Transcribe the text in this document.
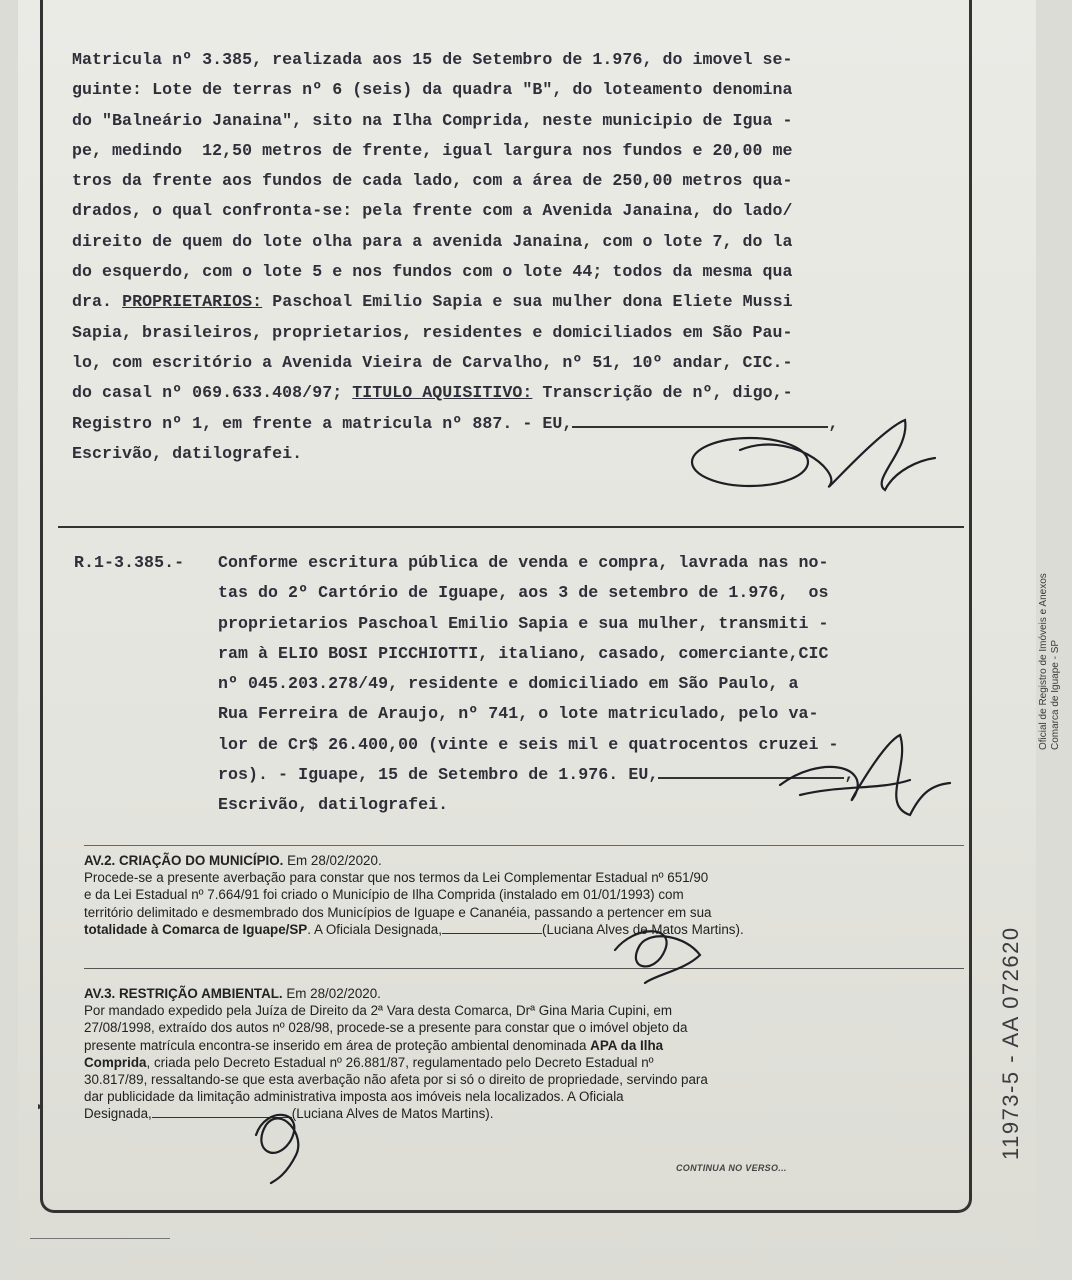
Matricula nº 3.385, realizada aos 15 de Setembro de 1.976, do imovel se-
guinte: Lote de terras nº 6 (seis) da quadra "B", do loteamento denomina
do "Balneário Janaina", sito na Ilha Comprida, neste municipio de Igua -
pe, medindo  12,50 metros de frente, igual largura nos fundos e 20,00 me
tros da frente aos fundos de cada lado, com a área de 250,00 metros qua-
drados, o qual confronta-se: pela frente com a Avenida Janaina, do lado/
direito de quem do lote olha para a avenida Janaina, com o lote 7, do la
do esquerdo, com o lote 5 e nos fundos com o lote 44; todos da mesma qua
dra. PROPRIETARIOS: Paschoal Emilio Sapia e sua mulher dona Eliete Mussi
Sapia, brasileiros, proprietarios, residentes e domiciliados em São Pau-
lo, com escritório a Avenida Vieira de Carvalho, nº 51, 10º andar, CIC.-
do casal nº 069.633.408/97; TITULO AQUISITIVO: Transcrição de nº, digo,-
Registro nº 1, em frente a matricula nº 887. - EU,	,
Escrivão, datilografei.
R.1-3.385.- Conforme escritura pública de venda e compra, lavrada nas no-
tas do 2º Cartório de Iguape, aos 3 de setembro de 1.976,  os
proprietarios Paschoal Emilio Sapia e sua mulher, transmiti -
ram à ELIO BOSI PICCHIOTTI, italiano, casado, comerciante,CIC
nº 045.203.278/49, residente e domiciliado em São Paulo, a
Rua Ferreira de Araujo, nº 741, o lote matriculado, pelo va-
lor de Cr$ 26.400,00 (vinte e seis mil e quatrocentos cruzei -
ros). - Iguape, 15 de Setembro de 1.976. EU,	,
Escrivão, datilografei.
AV.2. CRIAÇÃO DO MUNICÍPIO. Em 28/02/2020.
Procede-se a presente averbação para constar que nos termos da Lei Complementar Estadual nº 651/90
e da Lei Estadual nº 7.664/91 foi criado o Município de Ilha Comprida (instalado em 01/01/1993) com
território delimitado e desmembrado dos Municípios de Iguape e Cananéia, passando a pertencer em sua
totalidade à Comarca de Iguape/SP. A Oficiala Designada,	(Luciana Alves de Matos Martins).
AV.3. RESTRIÇÃO AMBIENTAL. Em 28/02/2020.
Por mandado expedido pela Juíza de Direito da 2ª Vara desta Comarca, Drª Gina Maria Cupini, em
27/08/1998, extraído dos autos nº 028/98, procede-se a presente para constar que o imóvel objeto da
presente matrícula encontra-se inserido em área de proteção ambiental denominada APA da Ilha
Comprida, criada pelo Decreto Estadual nº 26.881/87, regulamentado pelo Decreto Estadual nº
30.817/89, ressaltando-se que esta averbação não afeta por si só o direito de propriedade, servindo para
dar publicidade da limitação administrativa imposta aos imóveis nela localizados. A Oficiala
Designada,	(Luciana Alves de Matos Martins).
CONTINUA NO VERSO...
▶
Oficial de Registro de Imóveis e Anexos Comarca de Iguape - SP
11973-5 - AA 072620
